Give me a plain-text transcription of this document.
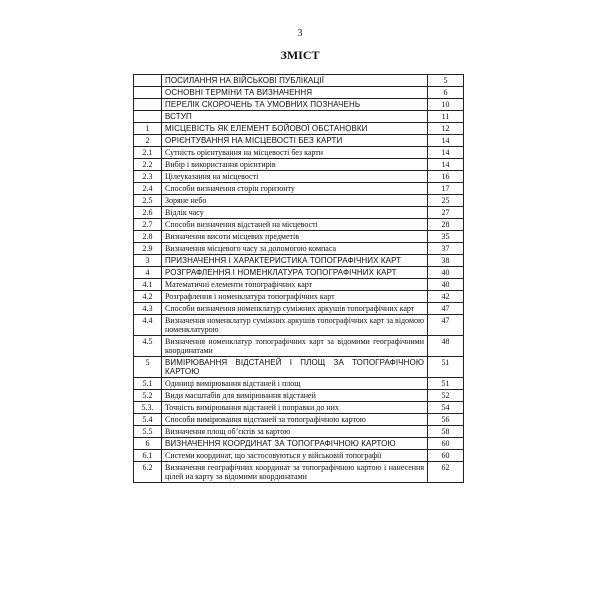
3
ЗМІСТ
	ПОСИЛАННЯ НА ВІЙСЬКОВІ ПУБЛІКАЦІЇ	5
	ОСНОВНІ ТЕРМІНИ ТА ВИЗНАЧЕННЯ	6
	ПЕРЕЛІК СКОРОЧЕНЬ ТА УМОВНИХ ПОЗНАЧЕНЬ	10
	ВСТУП	11
1	МІСЦЕВІСТЬ ЯК ЕЛЕМЕНТ БОЙОВОЇ ОБСТАНОВКИ	12
2	ОРІЄНТУВАННЯ НА МІСЦЕВОСТІ БЕЗ КАРТИ	14
2.1	Сутність орієнтування на місцевості без карти	14
2.2	Вибір і використання орієнтирів	14
2.3	Цілеуказання на місцевості	16
2.4	Способи визначення сторін горизонту	17
2.5	Зоряне небо	25
2.6	Відлік часу	27
2.7	Способи визначення відстаней на місцевості	28
2.8	Визначення висоти місцевих предметів	35
2.9	Визначення місцевого часу за допомогою компаса	37
3	ПРИЗНАЧЕННЯ І ХАРАКТЕРИСТИКА ТОПОГРАФІЧНИХ КАРТ	38
4	РОЗГРАФЛЕННЯ І НОМЕНКЛАТУРА ТОПОГРАФІЧНИХ КАРТ	40
4.1	Математичні елементи топографічних карт	40
4.2	Розграфлення і номенклатура топографічних карт	42
4.3	Способи визначення номенклатур суміжних аркушів топографічних карт	47
4.4	Визначення номенклатур суміжних аркушів топографічних карт за відомою номенклатурою	47
4.5	Визначення номенклатур топографічних карт за відомими географічними координатами	48
5	ВИМІРЮВАННЯ ВІДСТАНЕЙ І ПЛОЩ ЗА ТОПОГРАФІЧНОЮ КАРТОЮ	51
5.1	Одиниці вимірювання відстаней і площ	51
5.2	Види масштабів для вимірювання відстаней	52
5.3.	Точність вимірювання відстаней і поправки до них	54
5.4	Способи вимірювання відстаней за топографічною картою	56
5.5	Визначення площ об’єктів за картою	58
6	ВИЗНАЧЕННЯ КООРДИНАТ ЗА ТОПОГРАФІЧНОЮ КАРТОЮ	60
6.1	Системи координат, що застосовуються у військовій топографії	60
6.2	Визначення географічних координат за топографічною картою і нанесення цілей на карту за відомими координатами	62
